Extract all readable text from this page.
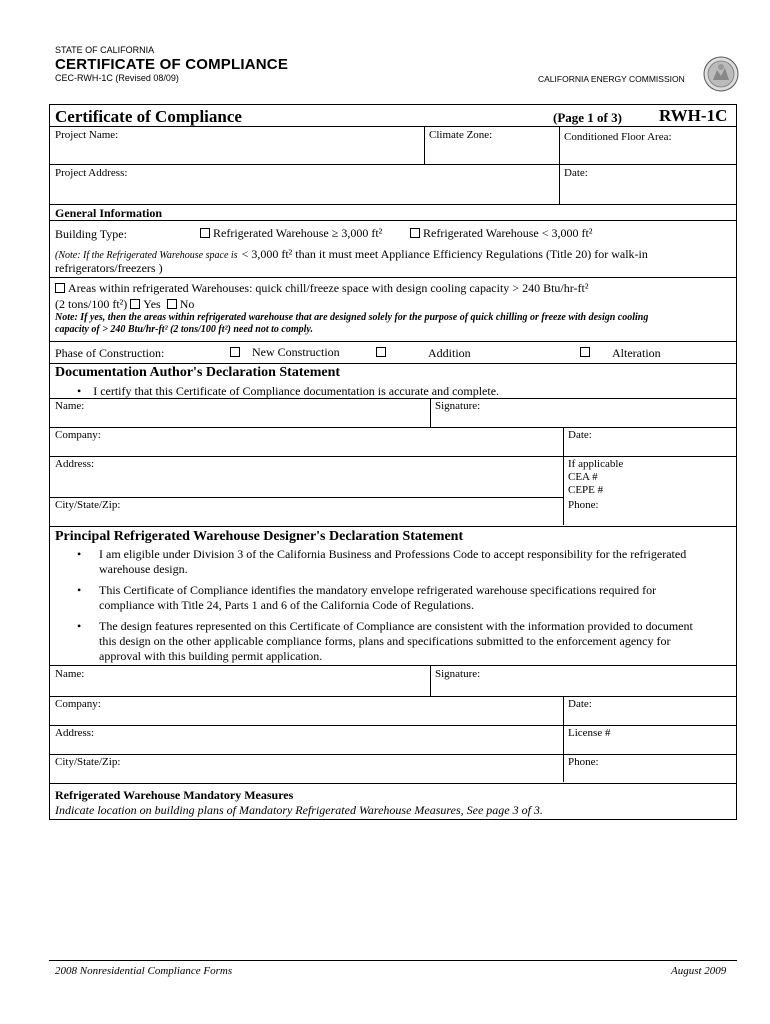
STATE OF CALIFORNIA
CERTIFICATE OF COMPLIANCE
CEC-RWH-1C (Revised 08/09)	CALIFORNIA ENERGY COMMISSION
Certificate of Compliance	(Page 1 of 3) RWH-1C
Project Name:	Climate Zone:	Conditioned Floor Area:
Project Address:	Date:
General Information
Building Type:	Refrigerated Warehouse ≥ 3,000 ft²	Refrigerated Warehouse < 3,000 ft²
(Note: If the Refrigerated Warehouse space is < 3,000 ft² than it must meet Appliance Efficiency Regulations (Title 20) for walk-in
refrigerators/freezers )
Areas within refrigerated Warehouses: quick chill/freeze space with design cooling capacity > 240 Btu/hr-ft²
(2 tons/100 ft²) Yes No
Note: If yes, then the areas within refrigerated warehouse that are designed solely for the purpose of quick chilling or freeze with design cooling
capacity of > 240 Btu/hr-ft² (2 tons/100 ft²) need not to comply.
Phase of Construction:	New Construction	Addition	Alteration
Documentation Author's Declaration Statement
• I certify that this Certificate of Compliance documentation is accurate and complete.
Name:	Signature:
Company:	Date:
Address:	If applicable
CEA #
CEPE #
City/State/Zip:	Phone:
Principal Refrigerated Warehouse Designer's Declaration Statement
• I am eligible under Division 3 of the California Business and Professions Code to accept responsibility for the refrigerated
warehouse design.
• This Certificate of Compliance identifies the mandatory envelope refrigerated warehouse specifications required for
compliance with Title 24, Parts 1 and 6 of the California Code of Regulations.
• The design features represented on this Certificate of Compliance are consistent with the information provided to document
this design on the other applicable compliance forms, plans and specifications submitted to the enforcement agency for
approval with this building permit application.
Name:	Signature:
Company:	Date:
Address:	License #
City/State/Zip:	Phone:
Refrigerated Warehouse Mandatory Measures
Indicate location on building plans of Mandatory Refrigerated Warehouse Measures, See page 3 of 3.
2008 Nonresidential Compliance Forms	August 2009
